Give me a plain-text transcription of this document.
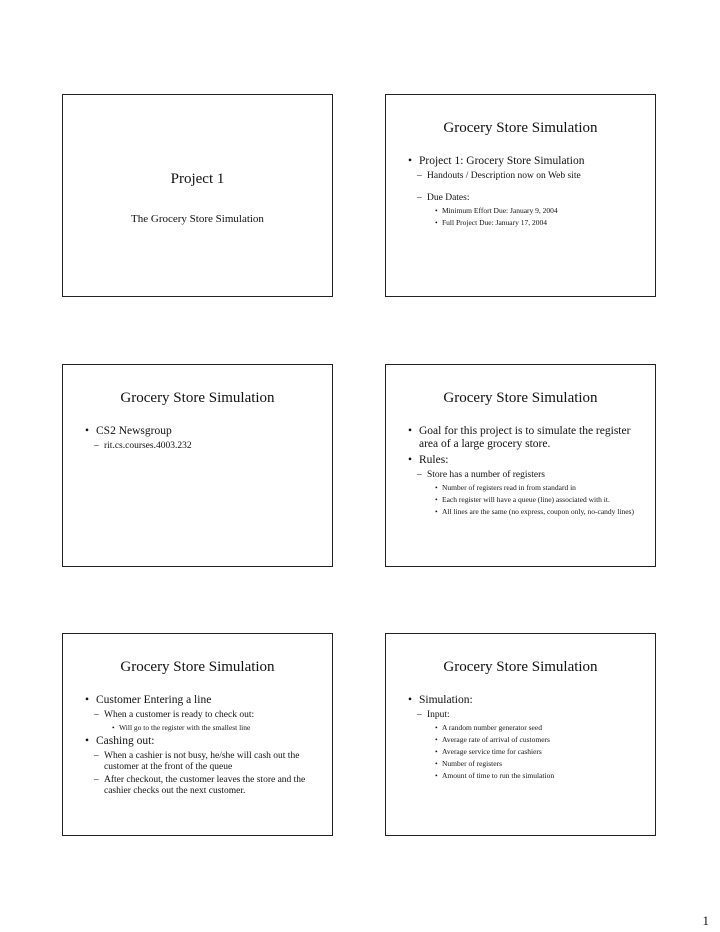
Project 1
The Grocery Store Simulation
Grocery Store Simulation
• Project 1: Grocery Store Simulation
– Handouts / Description now on Web site
– Due Dates:
• Minimum Effort Due: January 9, 2004
• Full Project Due: January 17, 2004
Grocery Store Simulation
• CS2 Newsgroup
– rit.cs.courses.4003.232
Grocery Store Simulation
• Goal for this project is to simulate the register area of a large grocery store.
• Rules:
– Store has a number of registers
• Number of registers read in from standard in
• Each register will have a queue (line) associated with it.
• All lines are the same (no express, coupon only, no-candy lines)
Grocery Store Simulation
• Customer Entering a line
– When a customer is ready to check out:
• Will go to the register with the smallest line
• Cashing out:
– When a cashier is not busy, he/she will cash out the customer at the front of the queue
– After checkout, the customer leaves the store and the cashier checks out the next customer.
Grocery Store Simulation
• Simulation:
– Input:
• A random number generator seed
• Average rate of arrival of customers
• Average service time for cashiers
• Number of registers
• Amount of time to run the simulation
1
